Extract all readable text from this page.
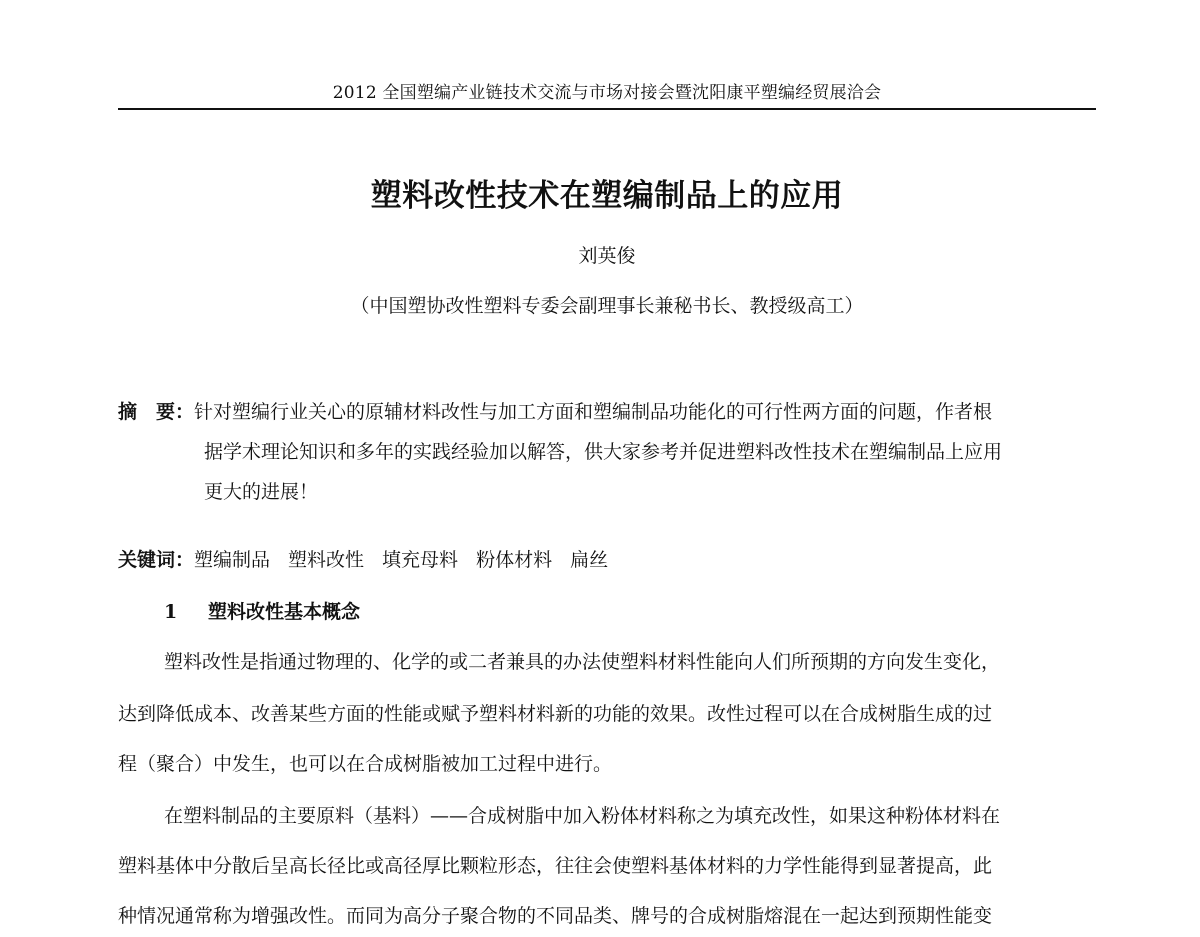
2012 全国塑编产业链技术交流与市场对接会暨沈阳康平塑编经贸展洽会
塑料改性技术在塑编制品上的应用
刘英俊
（中国塑协改性塑料专委会副理事长兼秘书长、教授级高工）
摘　要：针对塑编行业关心的原辅材料改性与加工方面和塑编制品功能化的可行性两方面的问题，作者根
据学术理论知识和多年的实践经验加以解答，供大家参考并促进塑料改性技术在塑编制品上应用
更大的进展！
关键词：塑编制品 塑料改性 填充母料 粉体材料 扁丝
1 塑料改性基本概念
塑料改性是指通过物理的、化学的或二者兼具的办法使塑料材料性能向人们所预期的方向发生变化，
达到降低成本、改善某些方面的性能或赋予塑料材料新的功能的效果。改性过程可以在合成树脂生成的过
程（聚合）中发生，也可以在合成树脂被加工过程中进行。
在塑料制品的主要原料（基料）——合成树脂中加入粉体材料称之为填充改性，如果这种粉体材料在
塑料基体中分散后呈高长径比或高径厚比颗粒形态，往往会使塑料基体材料的力学性能得到显著提高，此
种情况通常称为增强改性。而同为高分子聚合物的不同品类、牌号的合成树脂熔混在一起达到预期性能变
